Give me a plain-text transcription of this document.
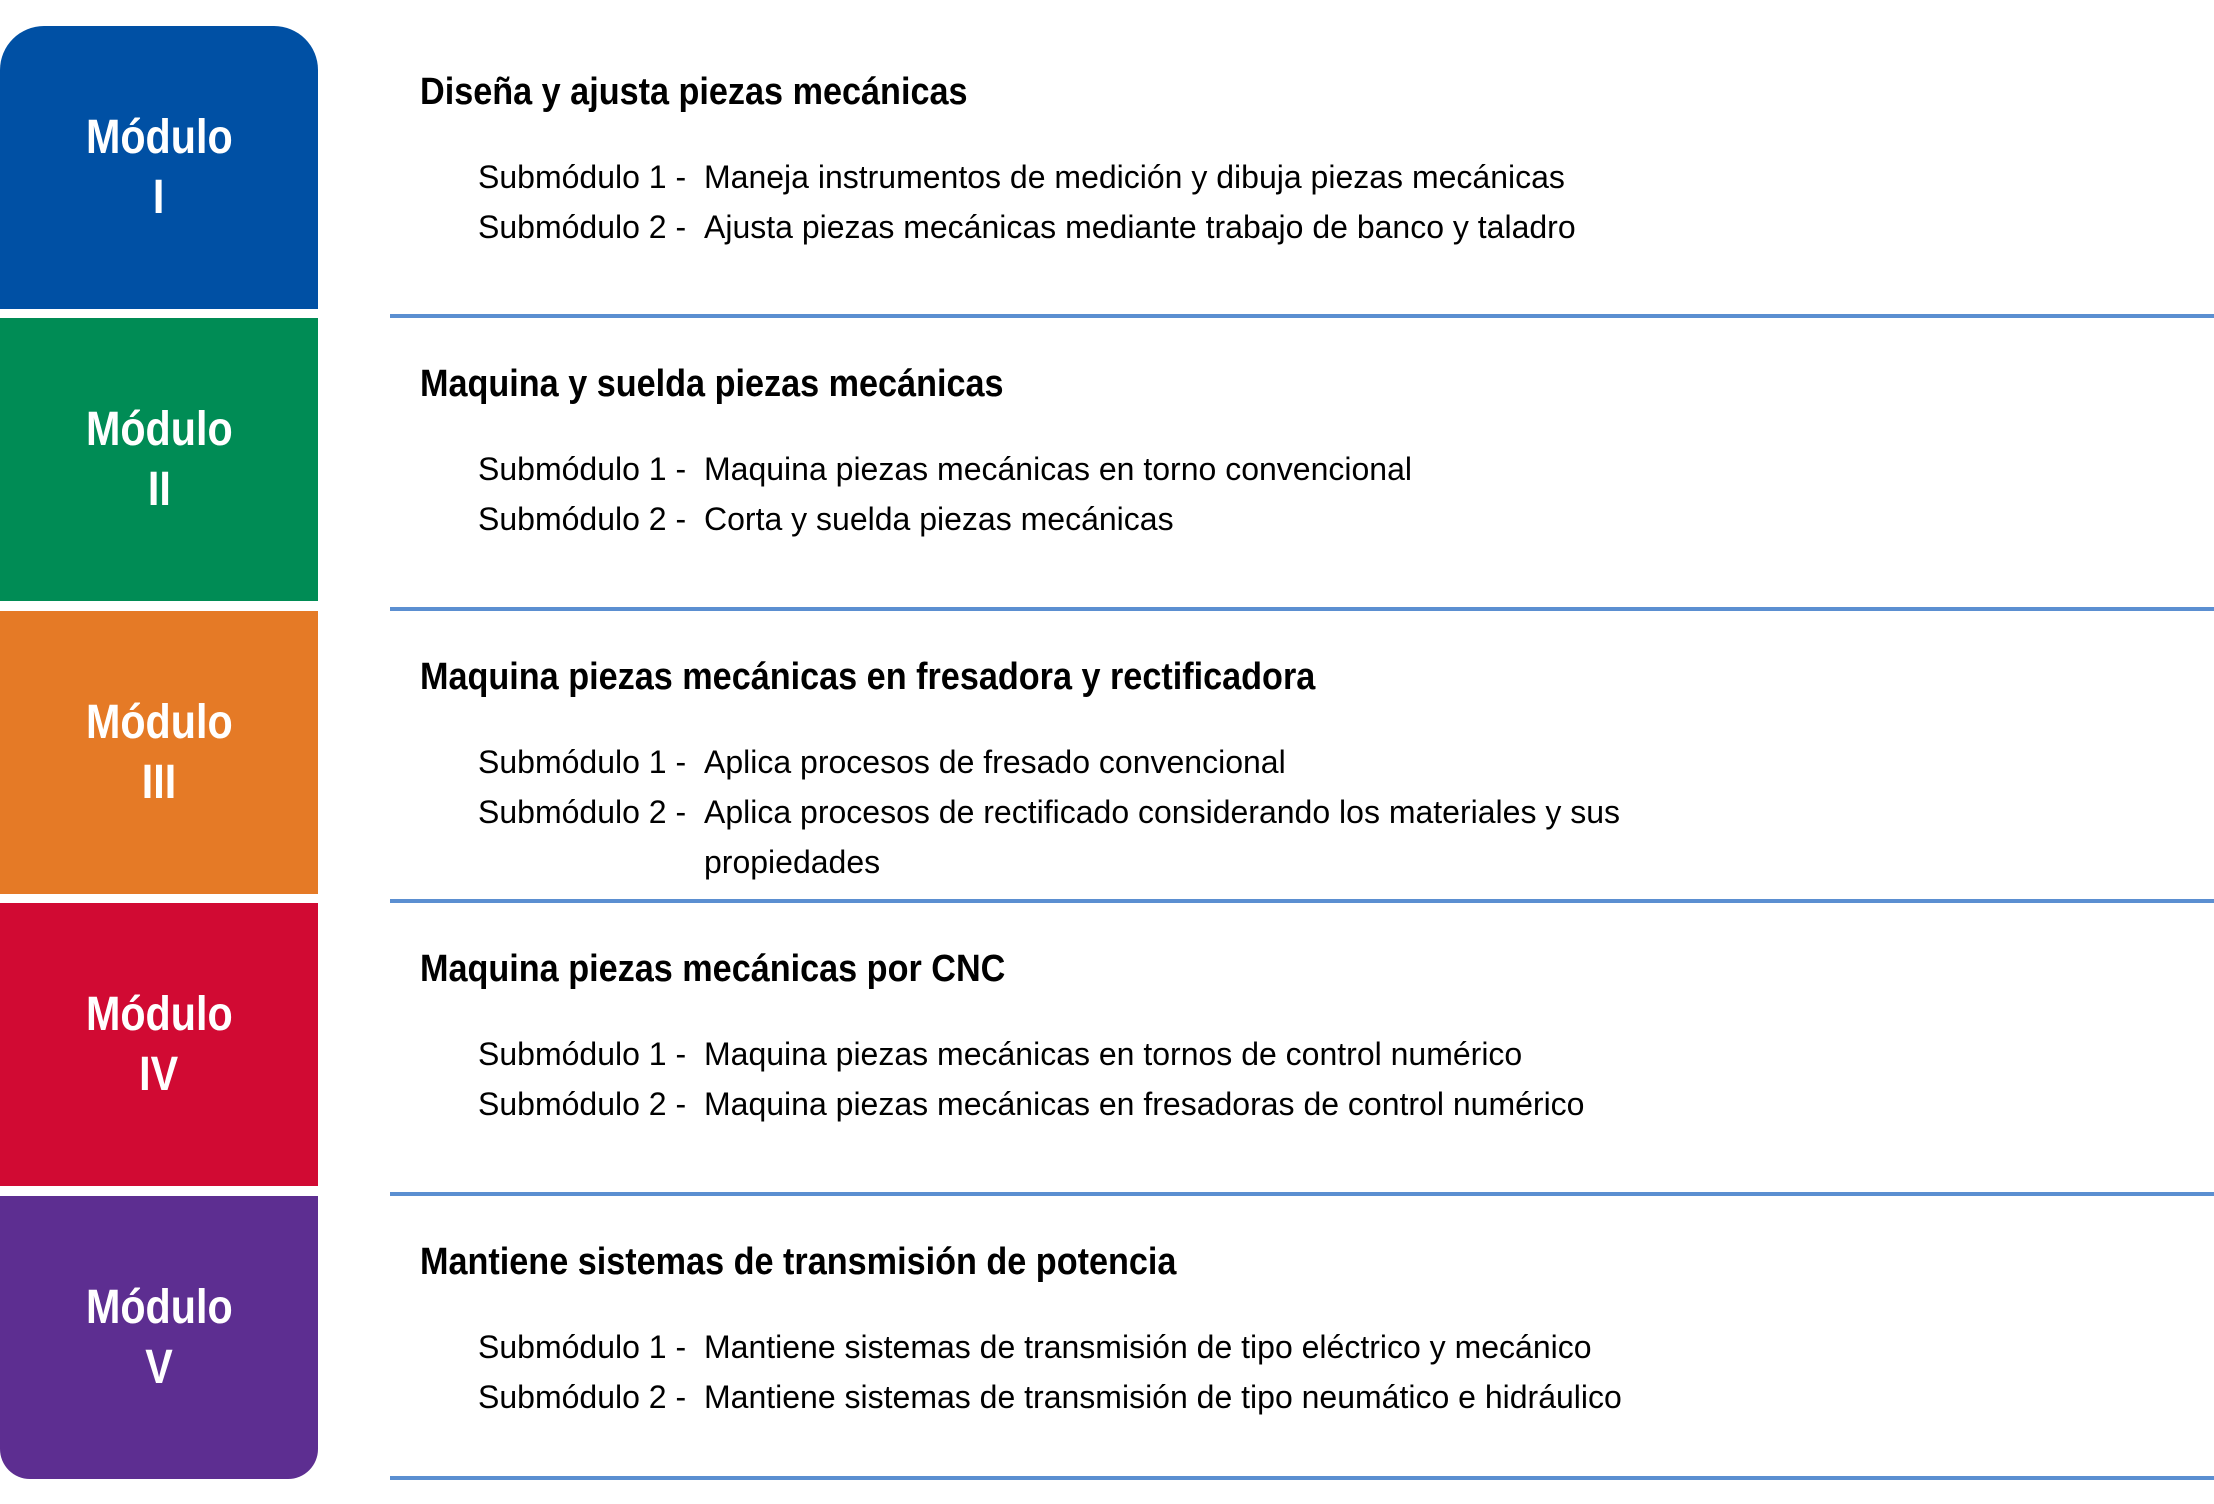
Módulo
I
Diseña y ajusta piezas mecánicas
Submódulo 1 - Maneja instrumentos de medición y dibuja piezas mecánicas
Submódulo 2 - Ajusta piezas mecánicas mediante trabajo de banco y taladro
Módulo
II
Maquina y suelda piezas mecánicas
Submódulo 1 - Maquina piezas mecánicas en torno convencional
Submódulo 2 - Corta y suelda piezas mecánicas
Módulo
III
Maquina piezas mecánicas en fresadora y rectificadora
Submódulo 1 - Aplica procesos de fresado convencional
Submódulo 2 - Aplica procesos de rectificado considerando los materiales y sus propiedades
Módulo
IV
Maquina piezas mecánicas por CNC
Submódulo 1 - Maquina piezas mecánicas en tornos de control numérico
Submódulo 2 - Maquina piezas mecánicas en fresadoras de control numérico
Módulo
V
Mantiene sistemas de transmisión de potencia
Submódulo 1 - Mantiene sistemas de transmisión de tipo eléctrico y mecánico
Submódulo 2 - Mantiene sistemas de transmisión de tipo neumático e hidráulico
